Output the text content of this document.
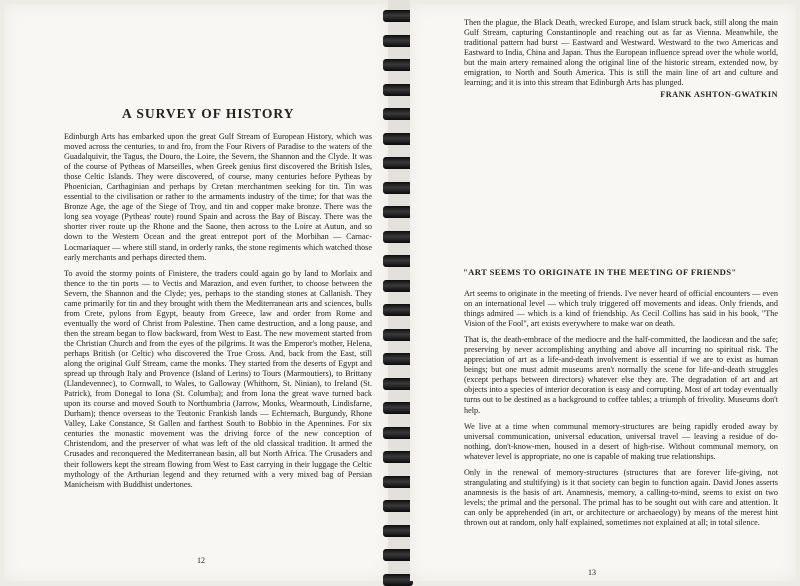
A SURVEY OF HISTORY

Edinburgh Arts has embarked upon the great Gulf Stream of European History, which was moved across the centuries, to and fro, from the Four Rivers of Paradise to the waters of the Guadalquivir, the Tagus, the Douro, the Loire, the Severn, the Shannon and the Clyde. It was of the course of Pytheas of Marseilles, when Greek genius first discovered the British Isles, those Celtic Islands. They were discovered, of course, many centuries before Pytheas by Phoenician, Carthaginian and perhaps by Cretan merchantmen seeking for tin. Tin was essential to the civilisation or rather to the armaments industry of the time; for that was the Bronze Age, the age of the Siege of Troy, and tin and copper make bronze. There was the long sea voyage (Pytheas' route) round Spain and across the Bay of Biscay. There was the shorter river route up the Rhone and the Saone, then across to the Loire at Autun, and so down to the Western Ocean and the great entrepot port of the Morbihan — Carnac-Locmariaquer — where still stand, in orderly ranks, the stone regiments which watched those early merchants and perhaps directed them.

To avoid the stormy points of Finistere, the traders could again go by land to Morlaix and thence to the tin ports — to Vectis and Marazion, and even further, to choose between the Severn, the Shannon and the Clyde; yes, perhaps to the standing stones at Callanish. They came primarily for tin and they brought with them the Mediterranean arts and sciences, bulls from Crete, pylons from Egypt, beauty from Greece, law and order from Rome and eventually the word of Christ from Palestine. Then came destruction, and a long pause, and then the stream began to flow backward, from West to East. The new movement started from the Christian Church and from the eyes of the pilgrims. It was the Emperor's mother, Helena, perhaps British (or Celtic) who discovered the True Cross. And, back from the East, still along the original Gulf Stream, came the monks. They started from the deserts of Egypt and spread up through Italy and Provence (Island of Lerins) to Tours (Marmoutiers), to Brittany (Llandevennec), to Cornwall, to Wales, to Galloway (Whithorn, St. Ninian), to Ireland (St. Patrick), from Donegal to Iona (St. Columba); and from Iona the great wave turned back upon its course and moved South to Northumbria (Jarrow, Monks, Wearmouth, Lindisfarne, Durham); thence overseas to the Teutonic Frankish lands — Echternach, Burgundy, Rhone Valley, Lake Constance, St Gallen and farthest South to Bobbio in the Apennines. For six centuries the monastic movement was the driving force of the new conception of Christendom, and the preserver of what was left of the old classical tradition. It armed the Crusades and reconquered the Mediterranean basin, all but North Africa. The Crusaders and their followers kept the stream flowing from West to East carrying in their luggage the Celtic mythology of the Arthurian legend and they returned with a very mixed bag of Persian Manicheism with Buddhist undertones.

12

Then the plague, the Black Death, wrecked Europe, and Islam struck back, still along the main Gulf Stream, capturing Constantinople and reaching out as far as Vienna. Meanwhile, the traditional pattern had burst — Eastward and Westward. Westward to the two Americas and Eastward to India, China and Japan. Thus the European influence spread over the whole world, but the main artery remained along the original line of the historic stream, extended now, by emigration, to North and South America. This is still the main line of art and culture and learning; and it is into this stream that Edinburgh Arts has plunged.

FRANK ASHTON-GWATKIN
"ART SEEMS TO ORIGINATE IN THE MEETING OF FRIENDS"

Art seems to originate in the meeting of friends. I've never heard of official encounters — even on an international level — which truly triggered off movements and ideas. Only friends, and things admired — which is a kind of friendship. As Cecil Collins has said in his book, "The Vision of the Fool", art exists everywhere to make war on death.

That is, the death-embrace of the mediocre and the half-committed, the laodicean and the safe; preserving by never accomplishing anything and above all incurring no spiritual risk. The appreciation of art as a life-and-death involvement is essential if we are to exist as human beings; but one must admit museums aren't normally the scene for life-and-death struggles (except perhaps between directors) whatever else they are. The degradation of art and art objects into a species of interior decoration is easy and corrupting. Most of art today eventually turns out to be destined as a background to coffee tables; a triumph of frivolity. Museums don't help.

We live at a time when communal memory-structures are being rapidly eroded away by universal communication, universal education, universal travel — leaving a residue of do-nothing, don't-know-men, housed in a desert of high-rise. Without communal memory, on whatever level is appropriate, no one is capable of making true relationships.

Only in the renewal of memory-structures (structures that are forever life-giving, not strangulating and stultifying) is it that society can begin to function again. David Jones asserts anamnesis is the basis of art. Anamnesis, memory, a calling-to-mind, seems to exist on two levels; the primal and the personal. The primal has to be sought out with care and attention. It can only be apprehended (in art, or architecture or archaeology) by means of the merest hint thrown out at random, only half explained, sometimes not explained at all; in total silence.

13
